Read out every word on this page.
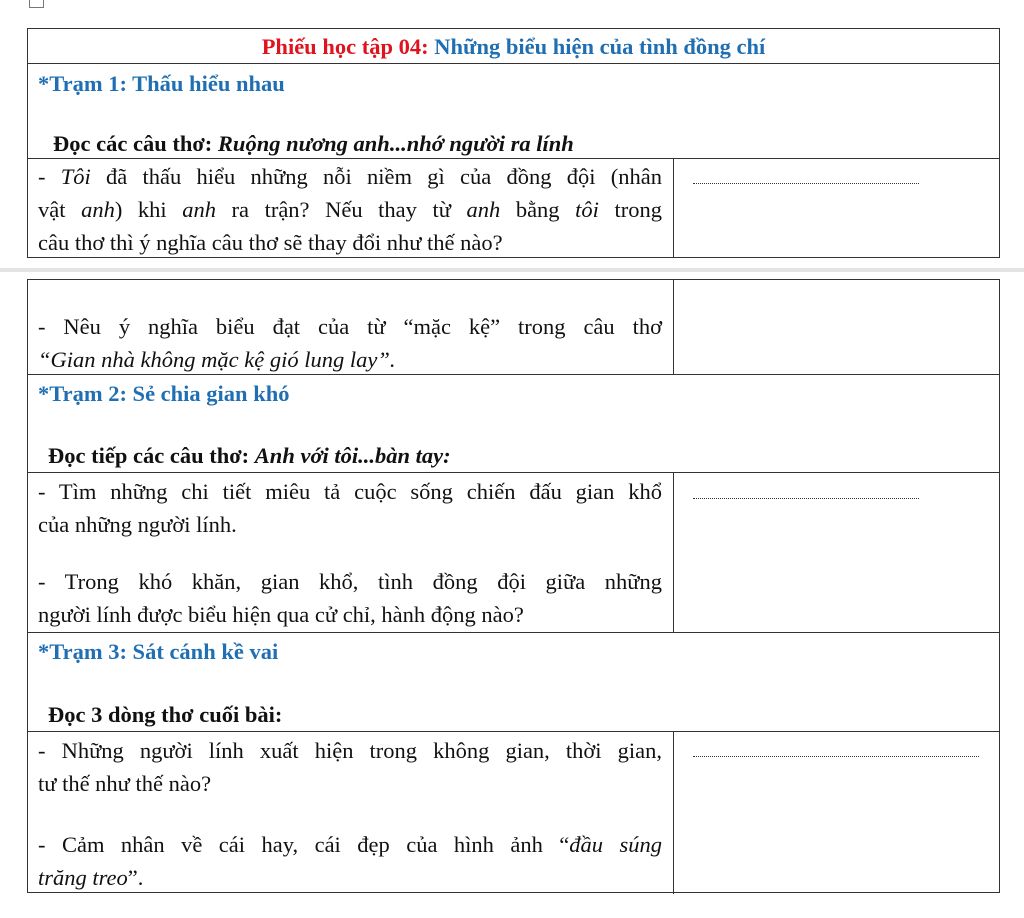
Phiếu học tập 04: Những biểu hiện của tình đồng chí
*Trạm 1: Thấu hiểu nhau
Đọc các câu thơ: Ruộng nương anh...nhớ người ra lính
- Tôi đã thấu hiểu những nỗi niềm gì của đồng đội (nhân
vật anh) khi anh ra trận? Nếu thay từ anh bằng tôi trong
câu thơ thì ý nghĩa câu thơ sẽ thay đổi như thế nào?
- Nêu ý nghĩa biểu đạt của từ “mặc kệ” trong câu thơ
“Gian nhà không mặc kệ gió lung lay”.
*Trạm 2: Sẻ chia gian khó
Đọc tiếp các câu thơ: Anh với tôi...bàn tay:
- Tìm những chi tiết miêu tả cuộc sống chiến đấu gian khổ
của những người lính.
- Trong khó khăn, gian khổ, tình đồng đội giữa những
người lính được biểu hiện qua cử chỉ, hành động nào?
*Trạm 3: Sát cánh kề vai
Đọc 3 dòng thơ cuối bài:
- Những người lính xuất hiện trong không gian, thời gian,
tư thế như thế nào?
- Cảm nhân về cái hay, cái đẹp của hình ảnh “đầu súng
trăng treo”.
